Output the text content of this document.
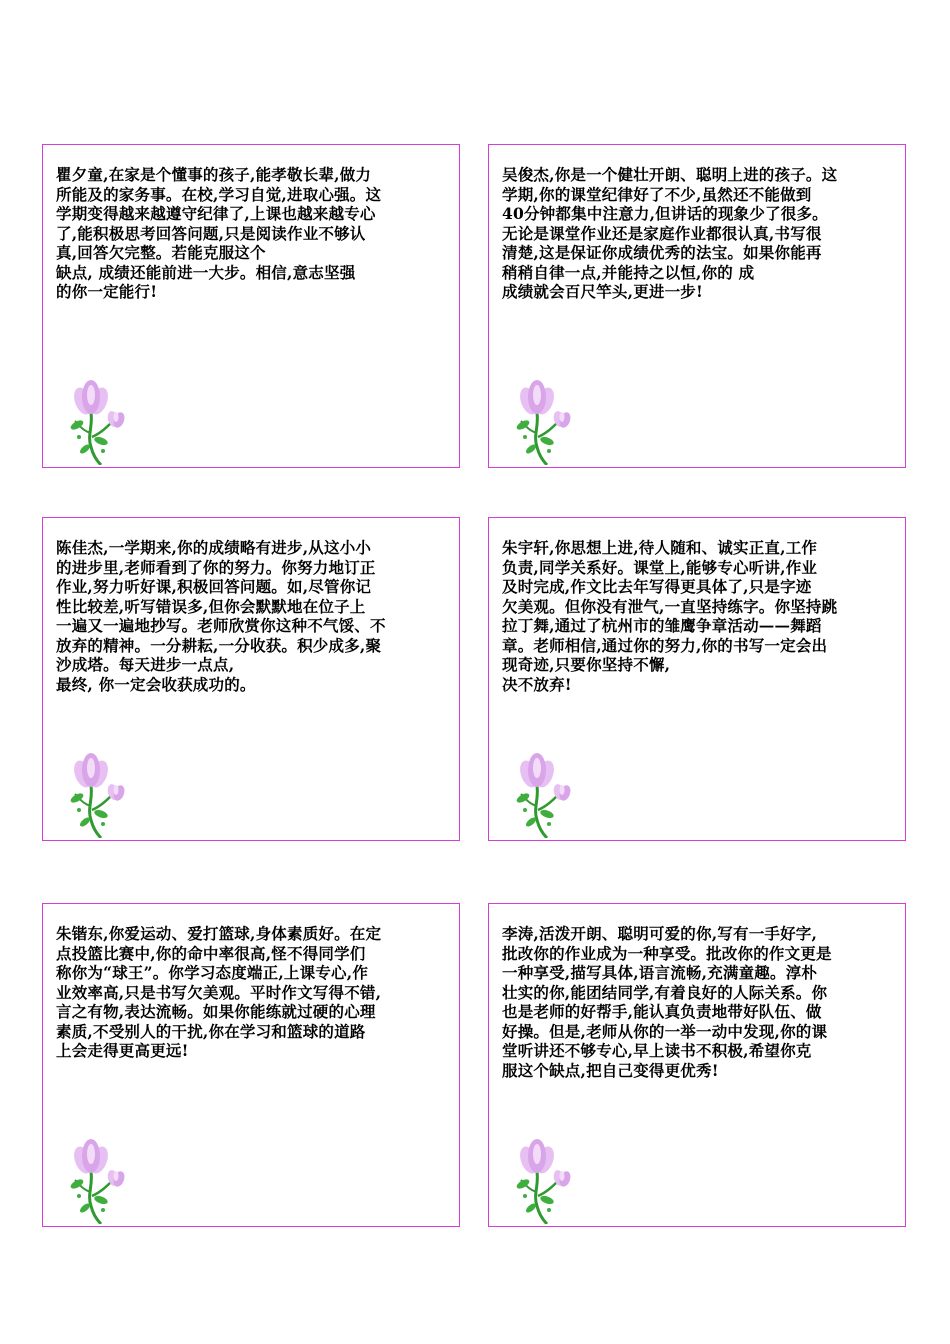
瞿夕童,在家是个懂事的孩子,能孝敬长辈,做力
所能及的家务事。在校,学习自觉,进取心强。这
学期变得越来越遵守纪律了,上课也越来越专心
了,能积极思考回答问题,只是阅读作业不够认
真,回答欠完整。若能克服这个
缺点, 成绩还能前进一大步。相信,意志坚强
的你一定能行!
吴俊杰,你是一个健壮开朗、聪明上进的孩子。这
学期,你的课堂纪律好了不少,虽然还不能做到
40分钟都集中注意力,但讲话的现象少了很多。
无论是课堂作业还是家庭作业都很认真,书写很
清楚,这是保证你成绩优秀的法宝。如果你能再
稍稍自律一点,并能持之以恒,你的 成
成绩就会百尺竿头,更进一步!
陈佳杰,一学期来,你的成绩略有进步,从这小小
的进步里,老师看到了你的努力。你努力地订正
作业,努力听好课,积极回答问题。如,尽管你记
性比较差,听写错误多,但你会默默地在位子上
一遍又一遍地抄写。老师欣赏你这种不气馁、不
放弃的精神。一分耕耘,一分收获。积少成多,聚
沙成塔。每天进步一点点,
最终, 你一定会收获成功的。
朱宇轩,你思想上进,待人随和、诚实正直,工作
负责,同学关系好。课堂上,能够专心听讲,作业
及时完成,作文比去年写得更具体了,只是字迹
欠美观。但你没有泄气,一直坚持练字。你坚持跳
拉丁舞,通过了杭州市的雏鹰争章活动——舞蹈
章。老师相信,通过你的努力,你的书写一定会出
现奇迹,只要你坚持不懈,
决不放弃!
朱锴东,你爱运动、爱打篮球,身体素质好。在定
点投篮比赛中,你的命中率很高,怪不得同学们
称你为“球王”。你学习态度端正,上课专心,作
业效率高,只是书写欠美观。平时作文写得不错,
言之有物,表达流畅。如果你能练就过硬的心理
素质,不受别人的干扰,你在学习和篮球的道路
上会走得更高更远!
李涛,活泼开朗、聪明可爱的你,写有一手好字,
批改你的作业成为一种享受。批改你的作文更是
一种享受,描写具体,语言流畅,充满童趣。淳朴
壮实的你,能团结同学,有着良好的人际关系。你
也是老师的好帮手,能认真负责地带好队伍、做
好操。但是,老师从你的一举一动中发现,你的课
堂听讲还不够专心,早上读书不积极,希望你克
服这个缺点,把自己变得更优秀!
